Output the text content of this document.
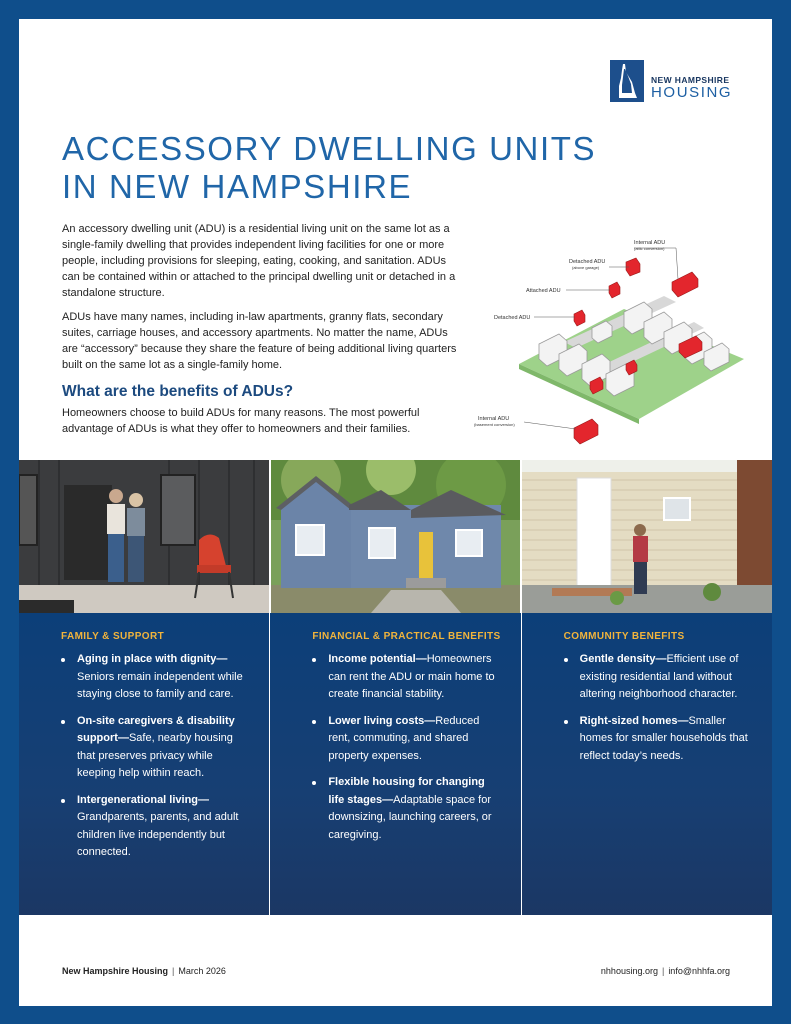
NEW HAMPSHIRE
HOUSING
ACCESSORY DWELLING UNITS
IN NEW HAMPSHIRE

An accessory dwelling unit (ADU) is a residential living unit on the same lot as a single-family dwelling that provides independent living facilities for one or more people, including provisions for sleeping, eating, cooking, and sanitation. ADUs can be contained within or attached to the principal dwelling unit or detached in a standalone structure.

ADUs have many names, including in-law apartments, granny flats, secondary suites, carriage houses, and accessory apartments. No matter the name, ADUs are “accessory” because they share the feature of being additional living quarters built on the same lot as a single-family home.

What are the benefits of ADUs?

Homeowners choose to build ADUs for many reasons. The most powerful advantage of ADUs is what they offer to homeowners and their families.

Internal ADU
(attic conversion)
Detached ADU
(above garage)
Attached ADU
Detached ADU
Internal ADU
(basement conversion)
FAMILY & SUPPORT
Aging in place with dignity—Seniors remain independent while staying close to family and care.
On-site caregivers & disability support—Safe, nearby housing that preserves privacy while keeping help within reach.
Intergenerational living—Grandparents, parents, and adult children live independently but connected.
FINANCIAL & PRACTICAL BENEFITS
Income potential—Homeowners can rent the ADU or main home to create financial stability.
Lower living costs—Reduced rent, commuting, and shared property expenses.
Flexible housing for changing life stages—Adaptable space for downsizing, launching careers, or caregiving.
COMMUNITY BENEFITS
Gentle density—Efficient use of existing residential land without altering neighborhood character.
Right-sized homes—Smaller homes for smaller households that reflect today’s needs.
New Hampshire Housing | March 2026	nhhousing.org | info@nhhfa.org
